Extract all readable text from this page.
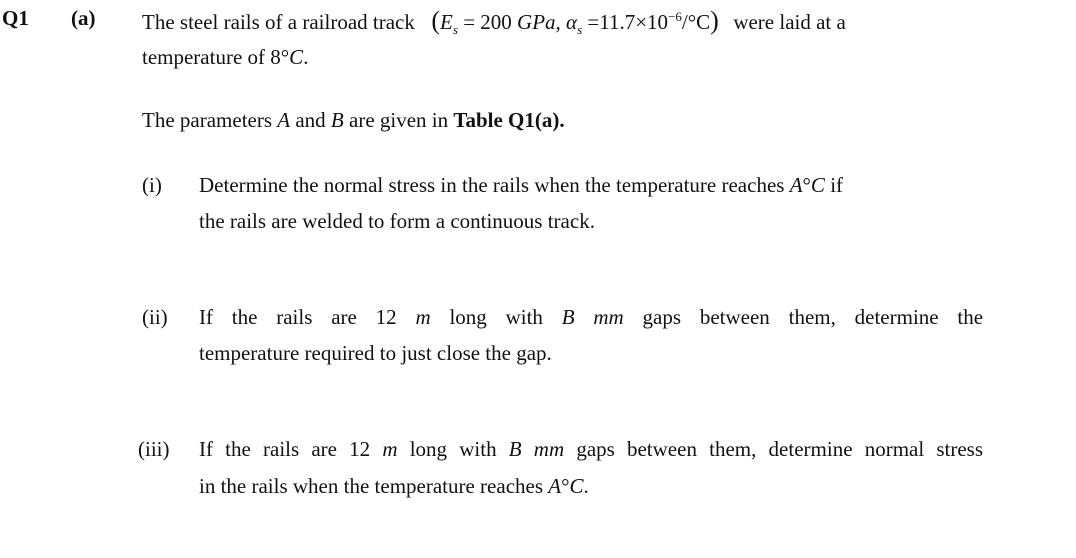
Q1 (a) The steel rails of a railroad track ($E_s = 200$ GPa, $\alpha_s =11.7\times 10^{-6}/^\circ C$) were laid at a
temperature of 8°C.
The parameters A and B are given in Table Q1(a).
(i) Determine the normal stress in the rails when the temperature reaches A°C if
the rails are welded to form a continuous track.
(ii) If the rails are 12 m long with B mm gaps between them, determine the
temperature required to just close the gap.
(iii) If the rails are 12 m long with B mm gaps between them, determine normal stress
in the rails when the temperature reaches A°C.
